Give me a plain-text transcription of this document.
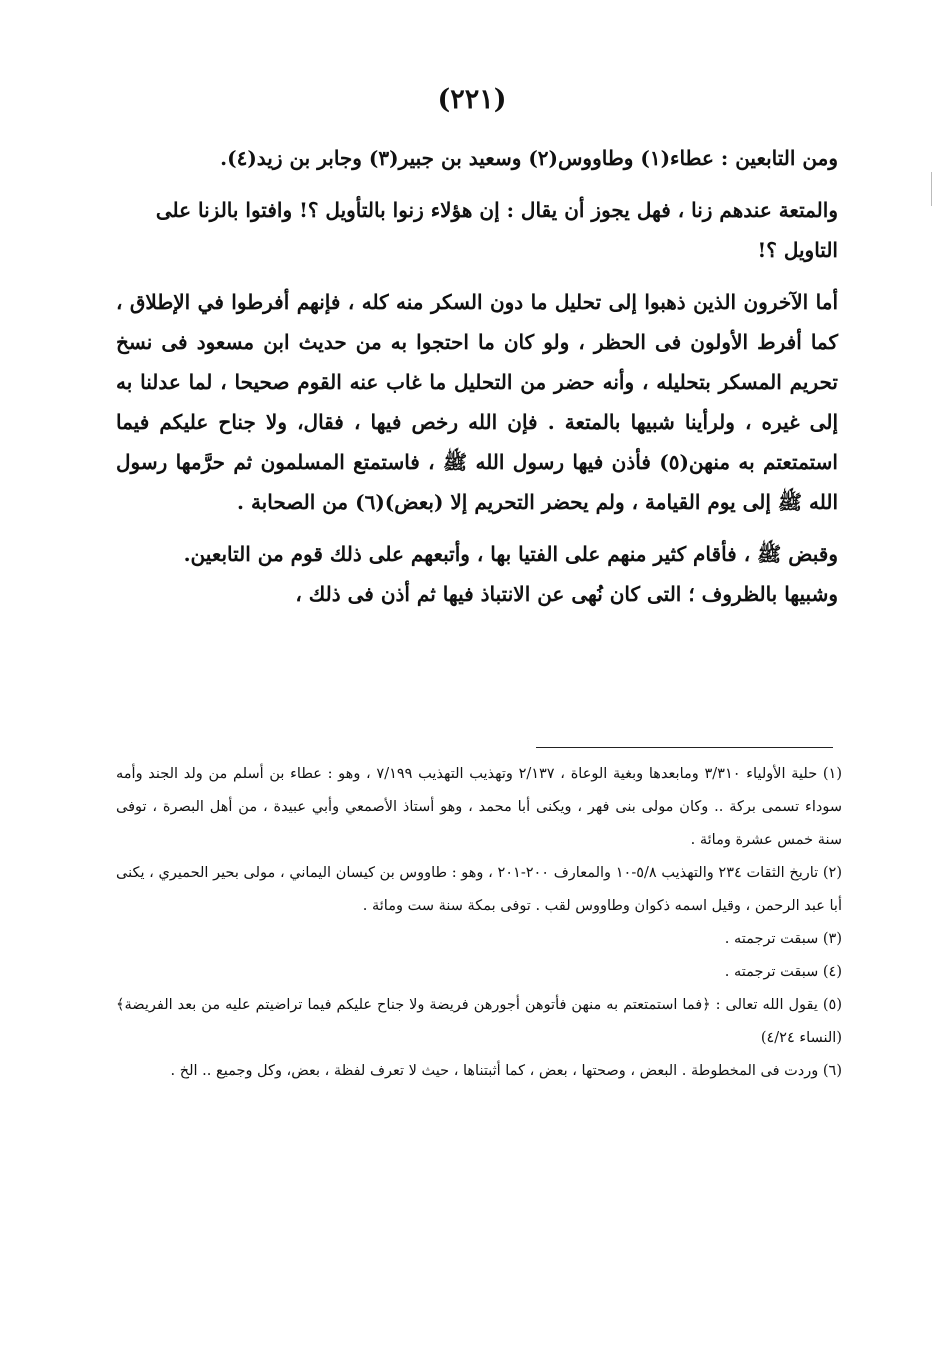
(٢٢١)

ومن التابعين : عطاء(١) وطاووس(٢) وسعيد بن جبير(٣) وجابر بن زيد(٤).

والمتعة عندهم زنا ، فهل يجوز أن يقال : إن هؤلاء زنوا بالتأويل ؟! وافتوا بالزنا على التاويل ؟!

أما الآخرون الذين ذهبوا إلى تحليل ما دون السكر منه كله ، فإنهم أفرطوا في الإطلاق ، كما أفرط الأولون فى الحظر ، ولو كان ما احتجوا به من حديث ابن مسعود فى نسخ تحريم المسكر بتحليله ، وأنه حضر من التحليل ما غاب عنه القوم صحيحا ، لما عدلنا به إلى غيره ، ولرأينا شبيها بالمتعة . فإن الله رخص فيها ، فقال، ولا جناح عليكم فيما استمتعتم به منهن(٥) فأذن فيها رسول الله ﷺ ، فاستمتع المسلمون ثم حرَّمها رسول الله ﷺ إلى يوم القيامة ، ولم يحضر التحريم إلا (بعض)(٦) من الصحابة .

وقبض ﷺ ، فأقام كثير منهم على الفتيا بها ، وأتبعهم على ذلك قوم من التابعين.

وشبيها بالظروف ؛ التى كان نُهى عن الانتباذ فيها ثم أذن فى ذلك ،

(١) حلية الأولياء ٣/٣١٠ ومابعدها وبغية الوعاة ، ٢/١٣٧ وتهذيب التهذيب ٧/١٩٩ ، وهو : عطاء بن أسلم من ولد الجند وأمه سوداء تسمى بركة .. وكان مولى بنى فهر ، ويكنى أبا محمد ، وهو أستاذ الأصمعي وأبي عبيدة ، من أهل البصرة ، توفى سنة خمس عشرة ومائة .

(٢) تاريخ الثقات ٢٣٤ والتهذيب ٥/٨-١٠ والمعارف ٢٠٠-٢٠١ ، وهو : طاووس بن كيسان اليماني ، مولى بحير الحميري ، يكنى أبا عبد الرحمن ، وقيل اسمه ذكوان وطاووس لقب . توفى بمكة سنة ست ومائة .

(٣) سبقت ترجمته .

(٤) سبقت ترجمته .

(٥) يقول الله تعالى : ﴿فما استمتعتم به منهن فأتوهن أجورهن فريضة ولا جناح عليكم فيما تراضيتم عليه من بعد الفريضة﴾ (النساء ٤/٢٤)

(٦) وردت فى المخطوطة . البعض ، وصحتها ، بعض ، كما أثبتناها ، حيث لا تعرف لفظة ، بعض، وكل وجميع .. الخ .
